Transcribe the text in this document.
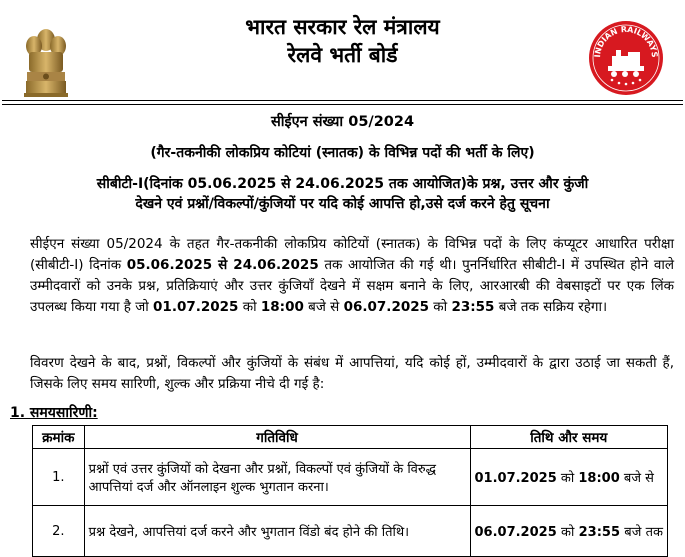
भारत सरकार रेल मंत्रालय
रेलवे भर्ती बोर्ड	INDIAN RAILWAYS
सीईएन संख्या 05/2024
(गैर-तकनीकी लोकप्रिय कोटियां (स्नातक) के विभिन्न पदों की भर्ती के लिए)
सीबीटी-I(दिनांक 05.06.2025 से 24.06.2025 तक आयोजित)के प्रश्न, उत्तर और कुंजी
देखने एवं प्रश्नों/विकल्पों/कुंजियों पर यदि कोई आपत्ति हो,उसे दर्ज करने हेतु सूचना
सीईएन संख्या 05/2024 के तहत गैर-तकनीकी लोकप्रिय कोटियों (स्नातक) के विभिन्न पदों के लिए कंप्यूटर आधारित परीक्षा (सीबीटी-I) दिनांक 05.06.2025 से 24.06.2025 तक आयोजित की गई थी। पुनर्निर्धारित सीबीटी-I में उपस्थित होने वाले उम्मीदवारों को उनके प्रश्न, प्रतिक्रियाएं और उत्तर कुंजियाँ देखने में सक्षम बनाने के लिए, आरआरबी की वेबसाइटों पर एक लिंक उपलब्ध किया गया है जो 01.07.2025 को 18:00 बजे से 06.07.2025 को 23:55 बजे तक सक्रिय रहेगा।
विवरण देखने के बाद, प्रश्नों, विकल्पों और कुंजियों के संबंध में आपत्तियां, यदि कोई हों, उम्मीदवारों के द्वारा उठाई जा सकती हैं, जिसके लिए समय सारिणी, शुल्क और प्रक्रिया नीचे दी गई है:
1. समयसारिणी:
क्रमांक	गतिविधि	तिथि और समय
1.	प्रश्नों एवं उत्तर कुंजियों को देखना और प्रश्नों, विकल्पों एवं कुंजियों के विरुद्ध आपत्तियां दर्ज और ऑनलाइन शुल्क भुगतान करना।	01.07.2025 को 18:00 बजे से
2.	प्रश्न देखने, आपत्तियां दर्ज करने और भुगतान विंडो बंद होने की तिथि।	06.07.2025 को 23:55 बजे तक
